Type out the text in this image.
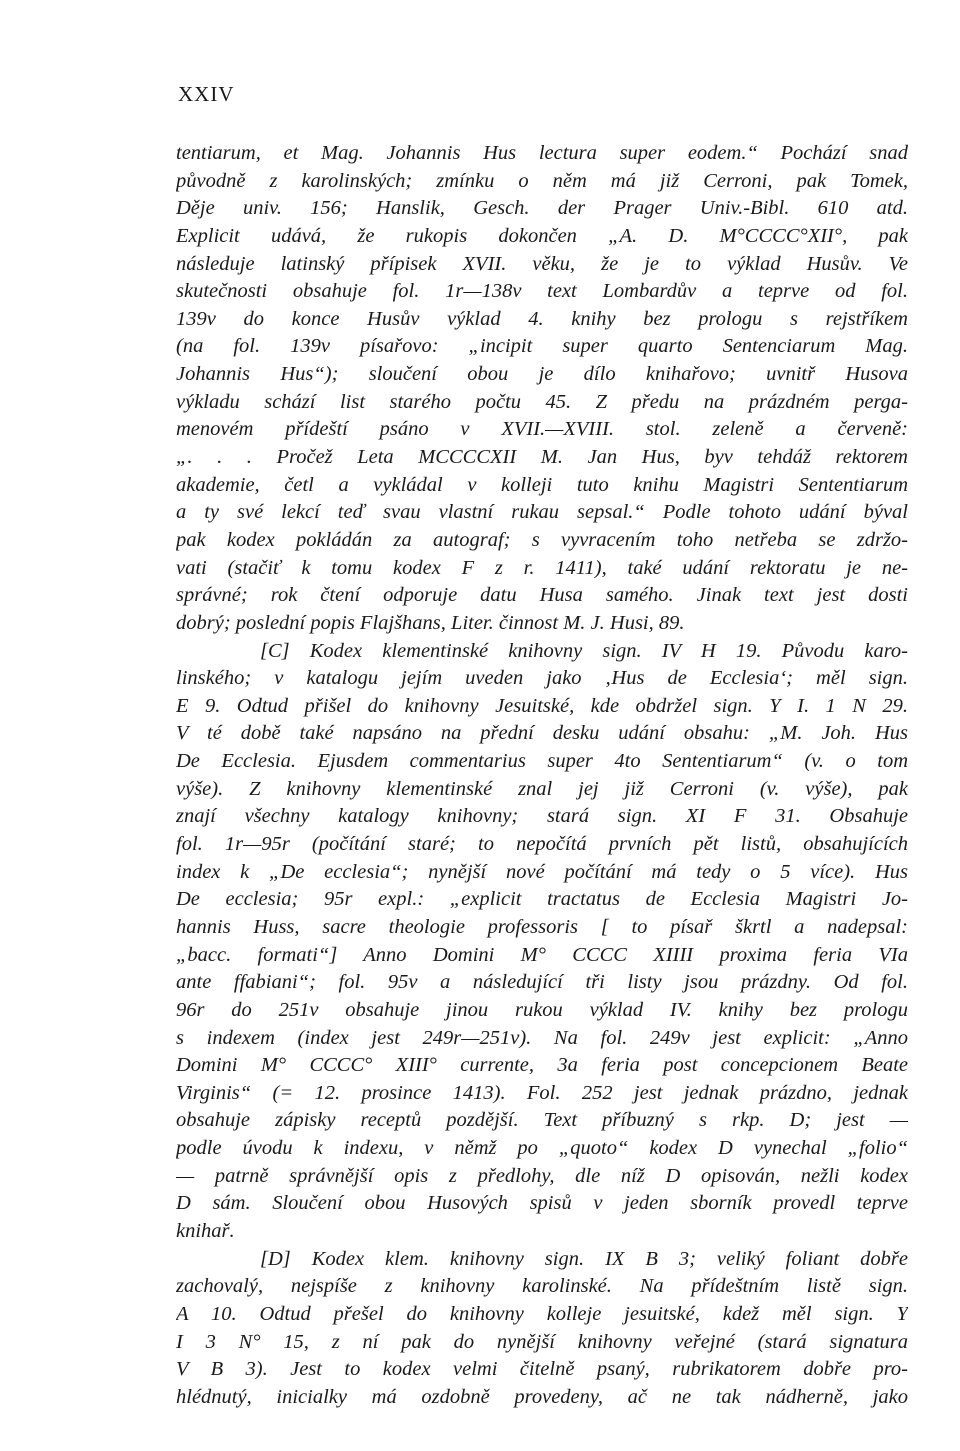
XXIV
tentiarum, et Mag. Johannis Hus lectura super eodem.“ Pochází snad
původně z karolinských; zmínku o něm má již Cerroni, pak Tomek,
Děje univ. 156; Hanslik, Gesch. der Prager Univ.-Bibl. 610 atd.
Explicit udává, že rukopis dokončen „A. D. M°CCCC°XII°, pak
následuje latinský přípisek XVII. věku, že je to výklad Husův. Ve
skutečnosti obsahuje fol. 1r—138v text Lombardův a teprve od fol.
139v do konce Husův výklad 4. knihy bez prologu s rejstříkem
(na fol. 139v písařovo: „incipit super quarto Sentenciarum Mag.
Johannis Hus“); sloučení obou je dílo knihařovo; uvnitř Husova
výkladu schází list starého počtu 45. Z předu na prázdném perga-
menovém přídeští psáno v XVII.—XVIII. stol. zeleně a červeně:
„. . . Pročež Leta MCCCCXII M. Jan Hus, byv tehdáž rektorem
akademie, četl a vykládal v kolleji tuto knihu Magistri Sententiarum
a ty své lekcí teď svau vlastní rukau sepsal.“ Podle tohoto udání býval
pak kodex pokládán za autograf; s vyvracením toho netřeba se zdržo-
vati (stačiť k tomu kodex F z r. 1411), také udání rektoratu je ne-
správné; rok čtení odporuje datu Husa samého. Jinak text jest dosti
dobrý; poslední popis Flajšhans, Liter. činnost M. J. Husi, 89.
[C] Kodex klementinské knihovny sign. IV H 19. Původu karo-
linského; v katalogu jejím uveden jako ‚Hus de Ecclesia‘; měl sign.
E 9. Odtud přišel do knihovny Jesuitské, kde obdržel sign. Y I. 1 N 29.
V té době také napsáno na přední desku udání obsahu: „M. Joh. Hus
De Ecclesia. Ejusdem commentarius super 4to Sententiarum“ (v. o tom
výše). Z knihovny klementinské znal jej již Cerroni (v. výše), pak
znají všechny katalogy knihovny; stará sign. XI F 31. Obsahuje
fol. 1r—95r (počítání staré; to nepočítá prvních pět listů, obsahujících
index k „De ecclesia“; nynější nové počítání má tedy o 5 více). Hus
De ecclesia; 95r expl.: „explicit tractatus de Ecclesia Magistri Jo-
hannis Huss, sacre theologie professoris [ to písař škrtl a nadepsal:
„bacc. formati“] Anno Domini M° CCCC XIIII proxima feria VIa
ante ffabiani“; fol. 95v a následující tři listy jsou prázdny. Od fol.
96r do 251v obsahuje jinou rukou výklad IV. knihy bez prologu
s indexem (index jest 249r—251v). Na fol. 249v jest explicit: „Anno
Domini M° CCCC° XIII° currente, 3a feria post concepcionem Beate
Virginis“ (= 12. prosince 1413). Fol. 252 jest jednak prázdno, jednak
obsahuje zápisky receptů pozdější. Text příbuzný s rkp. D; jest —
podle úvodu k indexu, v němž po „quoto“ kodex D vynechal „folio“
— patrně správnější opis z předlohy, dle níž D opisován, nežli kodex
D sám. Sloučení obou Husových spisů v jeden sborník provedl teprve
knihař.
[D] Kodex klem. knihovny sign. IX B 3; veliký foliant dobře
zachovalý, nejspíše z knihovny karolinské. Na přídeštním listě sign.
A 10. Odtud přešel do knihovny kolleje jesuitské, kdež měl sign. Y
I 3 N° 15, z ní pak do nynější knihovny veřejné (stará signatura
V B 3). Jest to kodex velmi čitelně psaný, rubrikatorem dobře pro-
hlédnutý, inicialky má ozdobně provedeny, ač ne tak nádherně, jako
